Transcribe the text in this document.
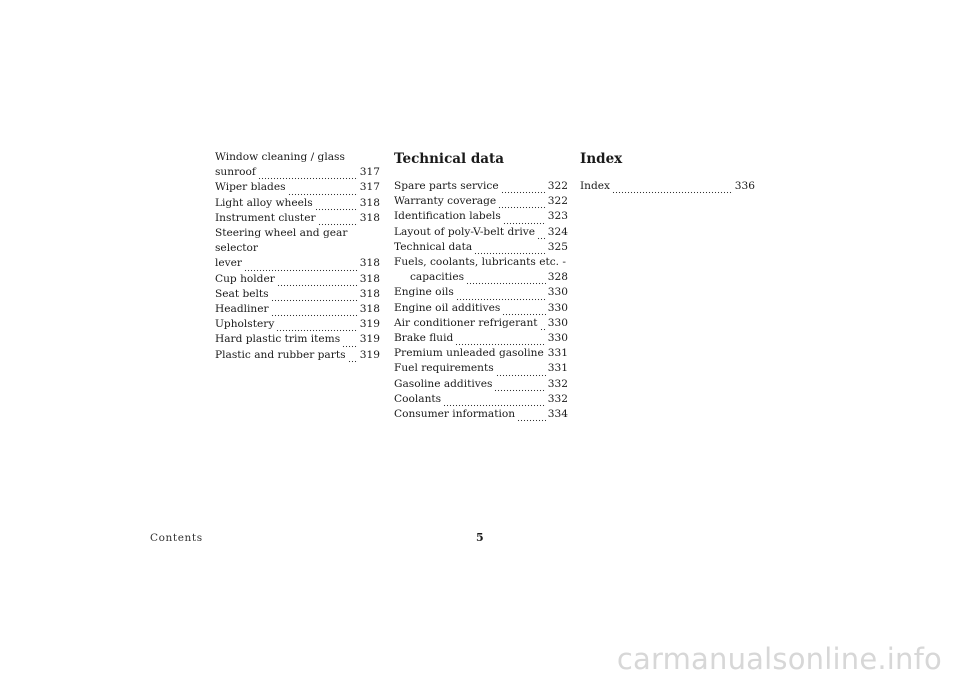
Window cleaning / glass
sunroof	317
Wiper blades	317
Light alloy wheels	318
Instrument cluster	318
Steering wheel and gear selector
lever	318
Cup holder	318
Seat belts	318
Headliner	318
Upholstery	319
Hard plastic trim items 319
Plastic and rubber parts 319
Technical data
Spare parts service	322
Warranty coverage	322
Identification labels	323
Layout of poly-V-belt drive 324
Technical data	325
Fuels, coolants, lubricants etc. -
capacities	328
Engine oils	330
Engine oil additives	330
Air conditioner refrigerant 330
Brake fluid	330
Premium unleaded gasoline 331
Fuel requirements	331
Gasoline additives	332
Coolants	332
Consumer information	334
Index
Index	336
Contents	5
carmanualsonline.info
